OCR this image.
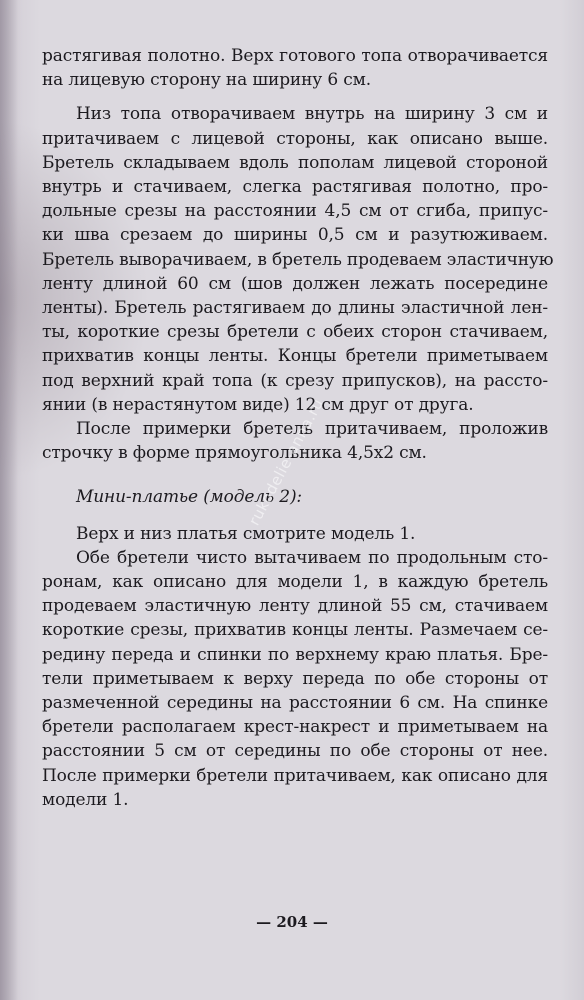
растягивая полотно. Верх готового топа отворачивается
на лицевую сторону на ширину 6 см.
Низ топа отворачиваем внутрь на ширину 3 см и
притачиваем с лицевой стороны, как описано выше.
Бретель складываем вдоль пополам лицевой стороной
внутрь и стачиваем, слегка растягивая полотно, про-
дольные срезы на расстоянии 4,5 см от сгиба, припус-
ки шва срезаем до ширины 0,5 см и разутюживаем.
Бретель выворачиваем, в бретель продеваем эластичную
ленту длиной 60 см (шов должен лежать посередине
ленты). Бретель растягиваем до длины эластичной лен-
ты, короткие срезы бретели с обеих сторон стачиваем,
прихватив концы ленты. Концы бретели приметываем
под верхний край топа (к срезу припусков), на рассто-
янии (в нерастянутом виде) 12 см друг от друга.
После примерки бретель притачиваем, проложив
строчку в форме прямоугольника 4,5х2 см.
Мини-платье (модель 2):
Верх и низ платья смотрите модель 1.
Обе бретели чисто вытачиваем по продольным сто-
ронам, как описано для модели 1, в каждую бретель
продеваем эластичную ленту длиной 55 см, стачиваем
короткие срезы, прихватив концы ленты. Размечаем се-
редину переда и спинки по верхнему краю платья. Бре-
тели приметываем к верху переда по обе стороны от
размеченной середины на расстоянии 6 см. На спинке
бретели располагаем крест-накрест и приметываем на
расстоянии 5 см от середины по обе стороны от нее.
После примерки бретели притачиваем, как описано для
модели 1.
rukodelie-anna.ru
— 204 —
